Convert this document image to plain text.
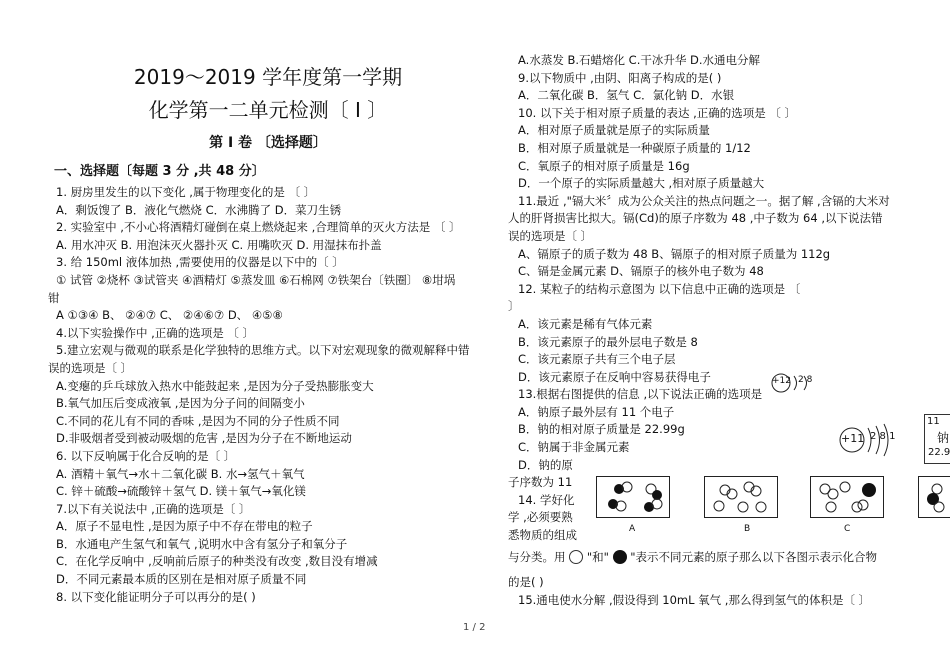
2019～2019 学年度第一学期

化学第一二单元检测〔 I 〕

第 I 卷 〔选择题〕

一、选择题〔每题 3 分 ,共 48 分〕
1. 厨房里发生的以下变化 ,属于物理变化的是 〔 〕
A．剩饭馊了 B．液化气燃烧 C．水沸腾了 D．菜刀生锈
2. 实验室中 ,不小心将酒精灯碰倒在桌上燃烧起来 ,合理简单的灭火方法是 〔 〕
A. 用水冲灭 B. 用泡沫灭火器扑灭 C. 用嘴吹灭 D. 用湿抹布扑盖
3. 给 150ml 液体加热 ,需要使用的仪器是以下中的〔 〕
① 试管 ②烧杯 ③试管夹 ④酒精灯 ⑤蒸发皿 ⑥石棉网 ⑦铁架台〔铁圈〕 ⑧坩埚
钳
A ①③④ B、 ②④⑦ C、 ②④⑥⑦ D、 ④⑤⑧
4.以下实验操作中 ,正确的选项是 〔 〕
5.建立宏观与微观的联系是化学独特的思维方式。以下对宏观现象的微观解释中错
误的选项是〔 〕
A.变瘪的乒乓球放入热水中能鼓起来 ,是因为分子受热膨胀变大
B.氧气加压后变成液氧 ,是因为分子问的间隔变小
C.不同的花儿有不同的香味 ,是因为不同的分子性质不同
D.非吸烟者受到被动吸烟的危害 ,是因为分子在不断地运动
6. 以下反响属于化合反响的是〔 〕
A. 酒精＋氧气→水＋二氧化碳 B. 水→氢气＋氧气
C. 锌＋硫酸→硫酸锌＋氢气 D. 镁＋氧气→氧化镁
7.以下有关说法中 ,正确的选项是〔 〕
A．原子不显电性 ,是因为原子中不存在带电的粒子
B．水通电产生氢气和氧气 ,说明水中含有氢分子和氧分子
C．在化学反响中 ,反响前后原子的种类没有改变 ,数目没有增减
D．不同元素最本质的区别在是相对原子质量不同
8. 以下变化能证明分子可以再分的是( )
A.水蒸发 B.石蜡熔化 C.干冰升华 D.水通电分解
9.以下物质中 ,由阴、阳离子构成的是( )
A．二氧化碳 B．氢气 C．氯化钠 D．水银
10. 以下关于相对原子质量的表达 ,正确的选项是 〔 〕
A．相对原子质量就是原子的实际质量
B．相对原子质量就是一种碳原子质量的 1/12
C．氧原子的相对原子质量是 16g
D．一个原子的实际质量越大 ,相对原子质量越大
11.最近 ,"镉大米〞成为公众关注的热点问题之一。据了解 ,含镉的大米对
人的肝肾损害比拟大。镉(Cd)的原子序数为 48 ,中子数为 64 ,以下说法错
误的选项是〔 〕
A、镉原子的质子数为 48 B、镉原子的相对原子质量为 112g
C、镉是金属元素 D、镉原子的核外电子数为 48
12. 某粒子的结构示意图为 以下信息中正确的选项是 〔
〕
A．该元素是稀有气体元素
B．该元素原子的最外层电子数是 8
C．该元素原子共有三个电子层
D．该元素原子在反响中容易获得电子
13.根据右图提供的信息 ,以下说法正确的选项是
A．钠原子最外层有 11 个电子
B．钠的相对原子质量是 22.99g
C．钠属于非金属元素
D．钠的原
子序数为 11
14. 学好化
学 ,必须要熟
悉物质的组成
与分类。用 "和" "表示不同元素的原子那么以下各图示表示化合物
的是( )
15.通电使水分解 ,假设得到 10mL 氧气 ,那么得到氢气的体积是〔 〕
+12 2 8
+11 2 8 1
11
钠
22.9
A	B	C
1 / 2
